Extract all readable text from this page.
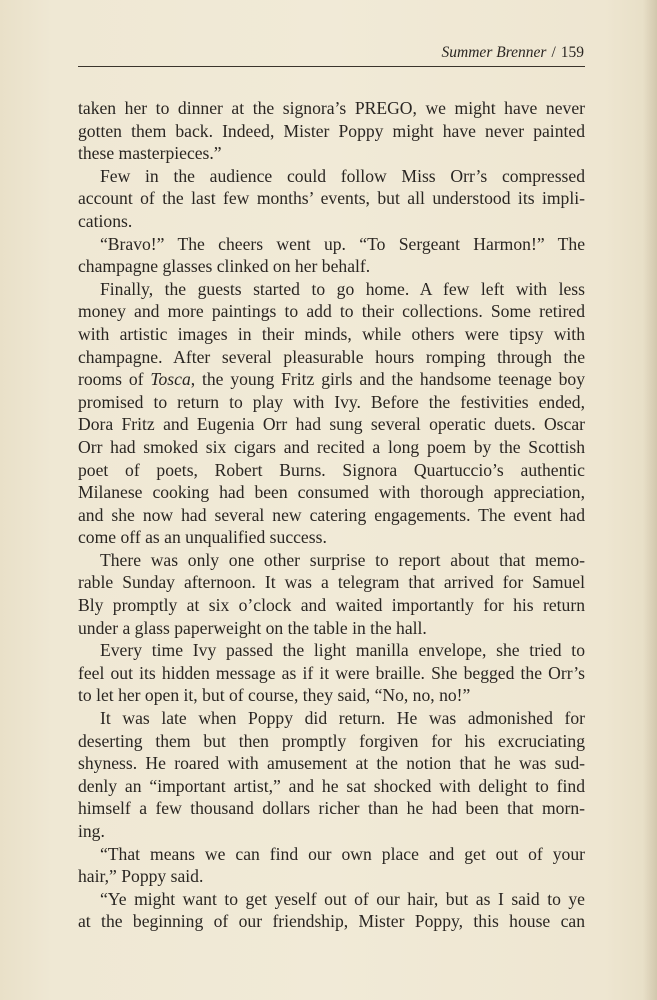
Summer Brenner / 159
taken her to dinner at the signora’s PREGO, we might have never
gotten them back. Indeed, Mister Poppy might have never painted
these masterpieces.”
Few in the audience could follow Miss Orr’s compressed
account of the last few months’ events, but all understood its impli-
cations.
“Bravo!” The cheers went up. “To Sergeant Harmon!” The
champagne glasses clinked on her behalf.
Finally, the guests started to go home. A few left with less
money and more paintings to add to their collections. Some retired
with artistic images in their minds, while others were tipsy with
champagne. After several pleasurable hours romping through the
rooms of Tosca, the young Fritz girls and the handsome teenage boy
promised to return to play with Ivy. Before the festivities ended,
Dora Fritz and Eugenia Orr had sung several operatic duets. Oscar
Orr had smoked six cigars and recited a long poem by the Scottish
poet of poets, Robert Burns. Signora Quartuccio’s authentic
Milanese cooking had been consumed with thorough appreciation,
and she now had several new catering engagements. The event had
come off as an unqualified success.
There was only one other surprise to report about that memo-
rable Sunday afternoon. It was a telegram that arrived for Samuel
Bly promptly at six o’clock and waited importantly for his return
under a glass paperweight on the table in the hall.
Every time Ivy passed the light manilla envelope, she tried to
feel out its hidden message as if it were braille. She begged the Orr’s
to let her open it, but of course, they said, “No, no, no!”
It was late when Poppy did return. He was admonished for
deserting them but then promptly forgiven for his excruciating
shyness. He roared with amusement at the notion that he was sud-
denly an “important artist,” and he sat shocked with delight to find
himself a few thousand dollars richer than he had been that morn-
ing.
“That means we can find our own place and get out of your
hair,” Poppy said.
“Ye might want to get yeself out of our hair, but as I said to ye
at the beginning of our friendship, Mister Poppy, this house can
